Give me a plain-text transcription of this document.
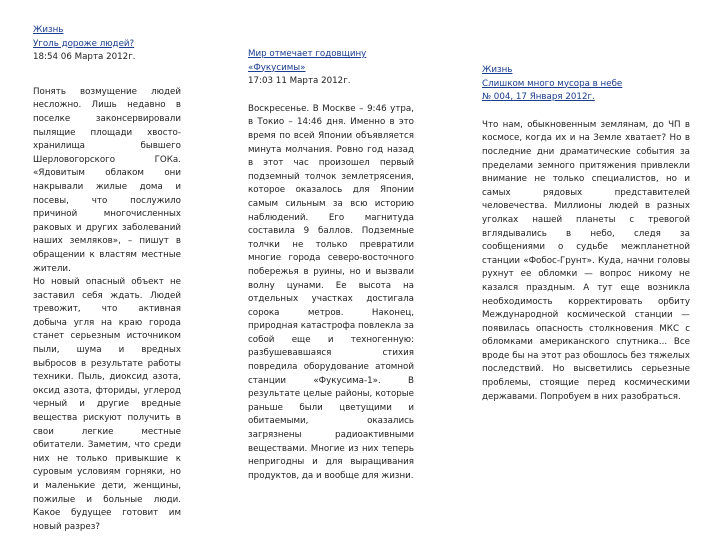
Жизнь
Уголь дороже людей?
18:54 06 Марта 2012г.

Понять возмущение людей несложно. Лишь недавно в поселке законсервировали пылящие площади хвосто-хранилища бывшего Шерловогорского ГОКа. «Ядовитым облаком они накрывали жилые дома и посевы, что послужило причиной многочисленных раковых и других заболеваний наших земляков», – пишут в обращении к властям местные жители.

Но новый опасный объект не заставил себя ждать. Людей тревожит, что активная добыча угля на краю города станет серьезным источником пыли, шума и вредных выбросов в результате работы техники. Пыль, диоксид азота, оксид азота, фториды, углерод черный и другие вредные вещества рискуют получить в свои легкие местные обитатели. Заметим, что среди них не только привыкшие к суровым условиям горняки, но и маленькие дети, женщины, пожилые и больные люди. Какое будущее готовит им новый разрез?

Мир отмечает годовщину «Фукусимы»
17:03 11 Марта 2012г.

Воскресенье. В Москве – 9:46 утра, в Токио – 14:46 дня. Именно в это время по всей Японии объявляется минута молчания. Ровно год назад в этот час произошел первый подземный толчок землетрясения, которое оказалось для Японии самым сильным за всю историю наблюдений. Его магнитуда составила 9 баллов. Подземные толчки не только превратили многие города северо-восточного побережья в руины, но и вызвали волну цунами. Ее высота на отдельных участках достигала сорока метров. Наконец, природная катастрофа повлекла за собой еще и техногенную: разбушевавшаяся стихия повредила оборудование атомной станции «Фукусима-1». В результате целые районы, которые раньше были цветущими и обитаемыми, оказались загрязнены радиоактивными веществами. Многие из них теперь непригодны и для выращивания продуктов, да и вообще для жизни.

Жизнь
Слишком много мусора в небе
№ 004, 17 Января 2012г.

Что нам, обыкновенным землянам, до ЧП в космосе, когда их и на Земле хватает? Но в последние дни драматические события за пределами земного притяжения привлекли внимание не только специалистов, но и самых рядовых представителей человечества. Миллионы людей в разных уголках нашей планеты с тревогой вглядывались в небо, следя за сообщениями о судьбе межпланетной станции «Фобос-Грунт». Куда, начни головы рухнут ее обломки — вопрос никому не казался праздным. А тут еще возникла необходимость корректировать орбиту Международной космической станции — появилась опасность столкновения МКС с обломками американского спутника... Все вроде бы на этот раз обошлось без тяжелых последствий. Но высветились серьезные проблемы, стоящие перед космическими державами. Попробуем в них разобраться.
